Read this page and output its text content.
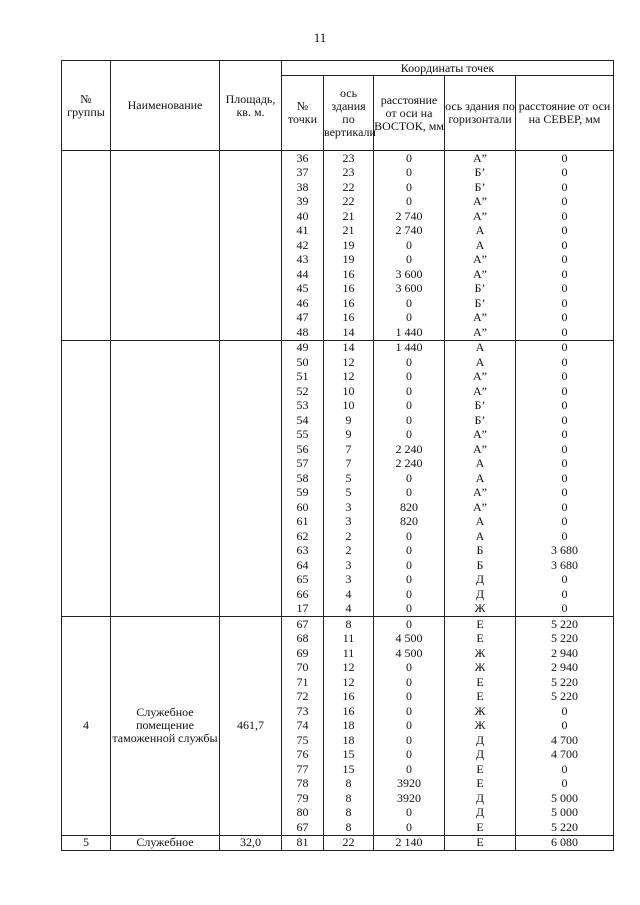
11
№ группы	Наименование	Площадь, кв. м.	Координаты точек				
			№ точки	ось здания по вертикали	расстояние от оси на ВОСТОК, мм	ось здания по горизонтали	расстояние от оси на СЕВЕР, мм
			36	23	0	А”	0
			37	23	0	Б’	0
			38	22	0	Б’	0
			39	22	0	А”	0
			40	21	2 740	А”	0
			41	21	2 740	А	0
			42	19	0	А	0
			43	19	0	А”	0
			44	16	3 600	А”	0
			45	16	3 600	Б’	0
			46	16	0	Б’	0
			47	16	0	А”	0
			48	14	1 440	А”	0
			49	14	1 440	А	0
			50	12	0	А	0
			51	12	0	А”	0
			52	10	0	А”	0
			53	10	0	Б’	0
			54	9	0	Б’	0
			55	9	0	А”	0
			56	7	2 240	А”	0
			57	7	2 240	А	0
			58	5	0	А	0
			59	5	0	А”	0
			60	3	820	А”	0
			61	3	820	А	0
			62	2	0	А	0
			63	2	0	Б	3 680
			64	3	0	Б	3 680
			65	3	0	Д	0
			66	4	0	Д	0
			17	4	0	Ж	0
4	Служебное помещение таможенной службы	461,7	67	8	0	Е	5 220
			68	11	4 500	Е	5 220
			69	11	4 500	Ж	2 940
			70	12	0	Ж	2 940
			71	12	0	Е	5 220
			72	16	0	Е	5 220
			73	16	0	Ж	0
			74	18	0	Ж	0
			75	18	0	Д	4 700
			76	15	0	Д	4 700
			77	15	0	Е	0
			78	8	3920	Е	0
			79	8	3920	Д	5 000
			80	8	0	Д	5 000
			67	8	0	Е	5 220
5	Служебное	32,0	81	22	2 140	Е	6 080
